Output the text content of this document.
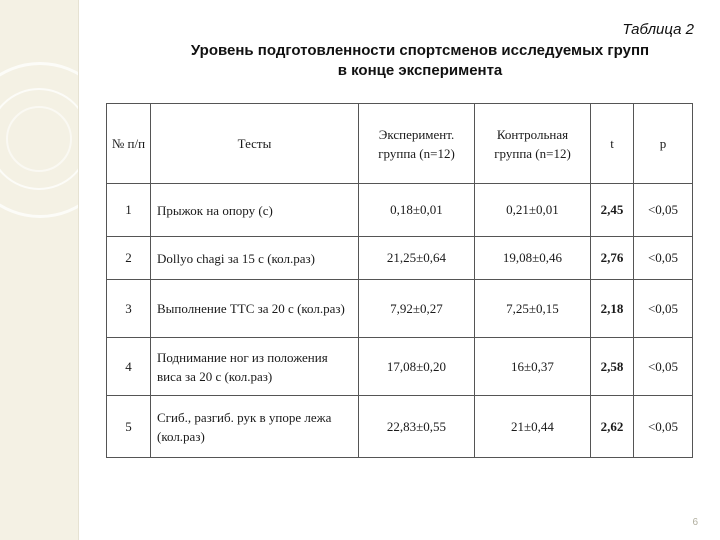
Таблица 2
Уровень подготовленности спортсменов исследуемых групп
в конце эксперимента
№ п/п	Тесты	Эксперимент. группа (n=12)	Контрольная группа (n=12)	t	p
1	Прыжок на опору (c)	0,18±0,01	0,21±0,01	2,45	<0,05
2	Dollyo chagi за 15 с (кол.раз)	21,25±0,64	19,08±0,46	2,76	<0,05
3	Выполнение ТТС за 20 с (кол.раз)	7,92±0,27	7,25±0,15	2,18	<0,05
4	Поднимание ног из положения виса за 20 с (кол.раз)	17,08±0,20	16±0,37	2,58	<0,05
5	Сгиб., разгиб. рук в упоре лежа (кол.раз)	22,83±0,55	21±0,44	2,62	<0,05
6
